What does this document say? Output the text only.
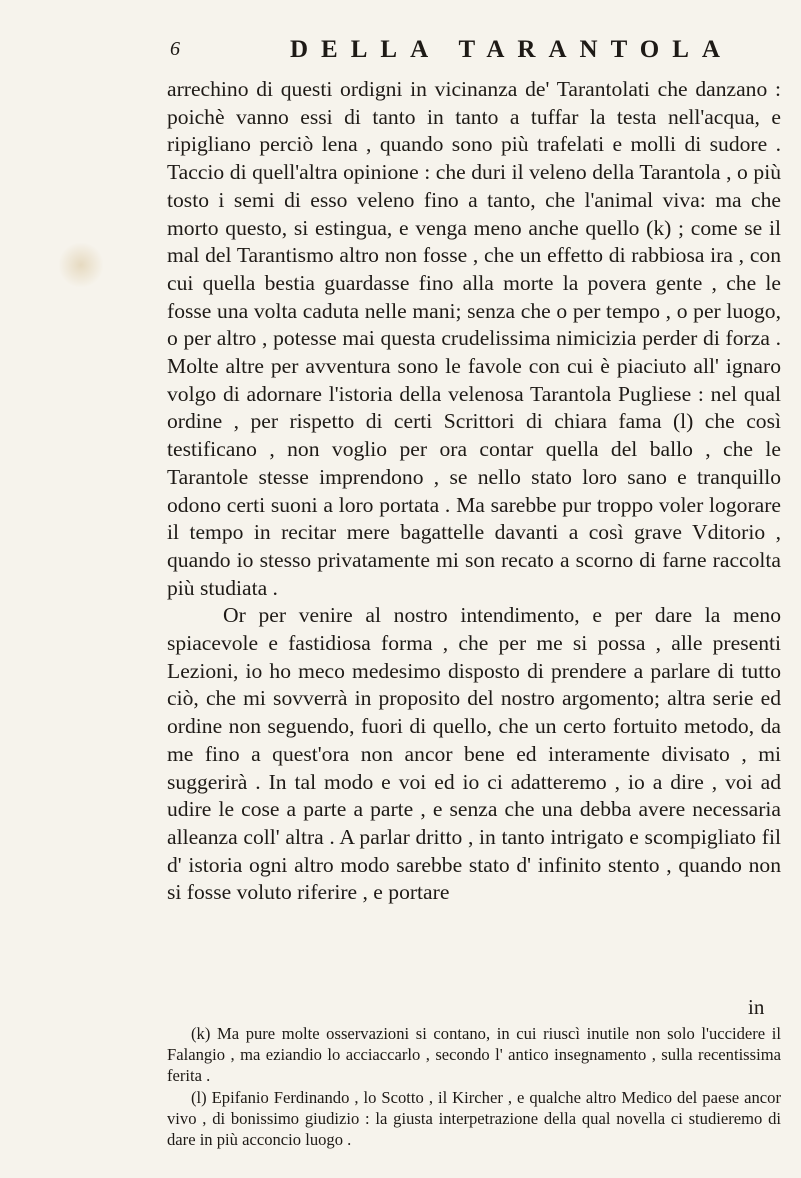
6	DELLA TARANTOLA

arrechino di questi ordigni in vicinanza de' Tarantolati che danzano : poichè vanno essi di tanto in tanto a tuffar la testa nell'acqua, e ripigliano perciò lena , quando sono più trafelati e molli di sudore . Taccio di quell'altra opinione : che duri il veleno della Tarantola , o più tosto i semi di esso veleno fino a tanto, che l'animal viva: ma che morto questo, si estingua, e venga meno anche quello (k) ; come se il mal del Tarantismo altro non fosse , che un effetto di rabbiosa ira , con cui quella bestia guardasse fino alla morte la povera gente , che le fosse una volta caduta nelle mani; senza che o per tempo , o per luogo, o per altro , potesse mai questa crudelissima nimicizia perder di forza . Molte altre per avventura sono le favole con cui è piaciuto all' ignaro volgo di adornare l'istoria della velenosa Tarantola Pugliese : nel qual ordine , per rispetto di certi Scrittori di chiara fama (l) che così testificano , non voglio per ora contar quella del ballo , che le Tarantole stesse imprendono , se nello stato loro sano e tranquillo odono certi suoni a loro portata . Ma sarebbe pur troppo voler logorare il tempo in recitar mere bagattelle davanti a così grave Vditorio , quando io stesso privatamente mi son recato a scorno di farne raccolta più studiata .

Or per venire al nostro intendimento, e per dare la meno spiacevole e fastidiosa forma , che per me si possa , alle presenti Lezioni, io ho meco medesimo disposto di prendere a parlare di tutto ciò, che mi sovverrà in proposito del nostro argomento; altra serie ed ordine non seguendo, fuori di quello, che un certo fortuito metodo, da me fino a quest'ora non ancor bene ed interamente divisato , mi suggerirà . In tal modo e voi ed io ci adatteremo , io a dire , voi ad udire le cose a parte a parte , e senza che una debba avere necessaria alleanza coll' altra . A parlar dritto , in tanto intrigato e scompigliato fil d' istoria ogni altro modo sarebbe stato d' infinito stento , quando non si fosse voluto riferire , e portare

in

(k) Ma pure molte osservazioni si contano, in cui riuscì inutile non solo l'uccidere il Falangio , ma eziandio lo acciaccarlo , secondo l' antico insegnamento , sulla recentissima ferita .

(l) Epifanio Ferdinando , lo Scotto , il Kircher , e qualche altro Medico del paese ancor vivo , di bonissimo giudizio : la giusta interpetrazione della qual novella ci studieremo di dare in più acconcio luogo .
